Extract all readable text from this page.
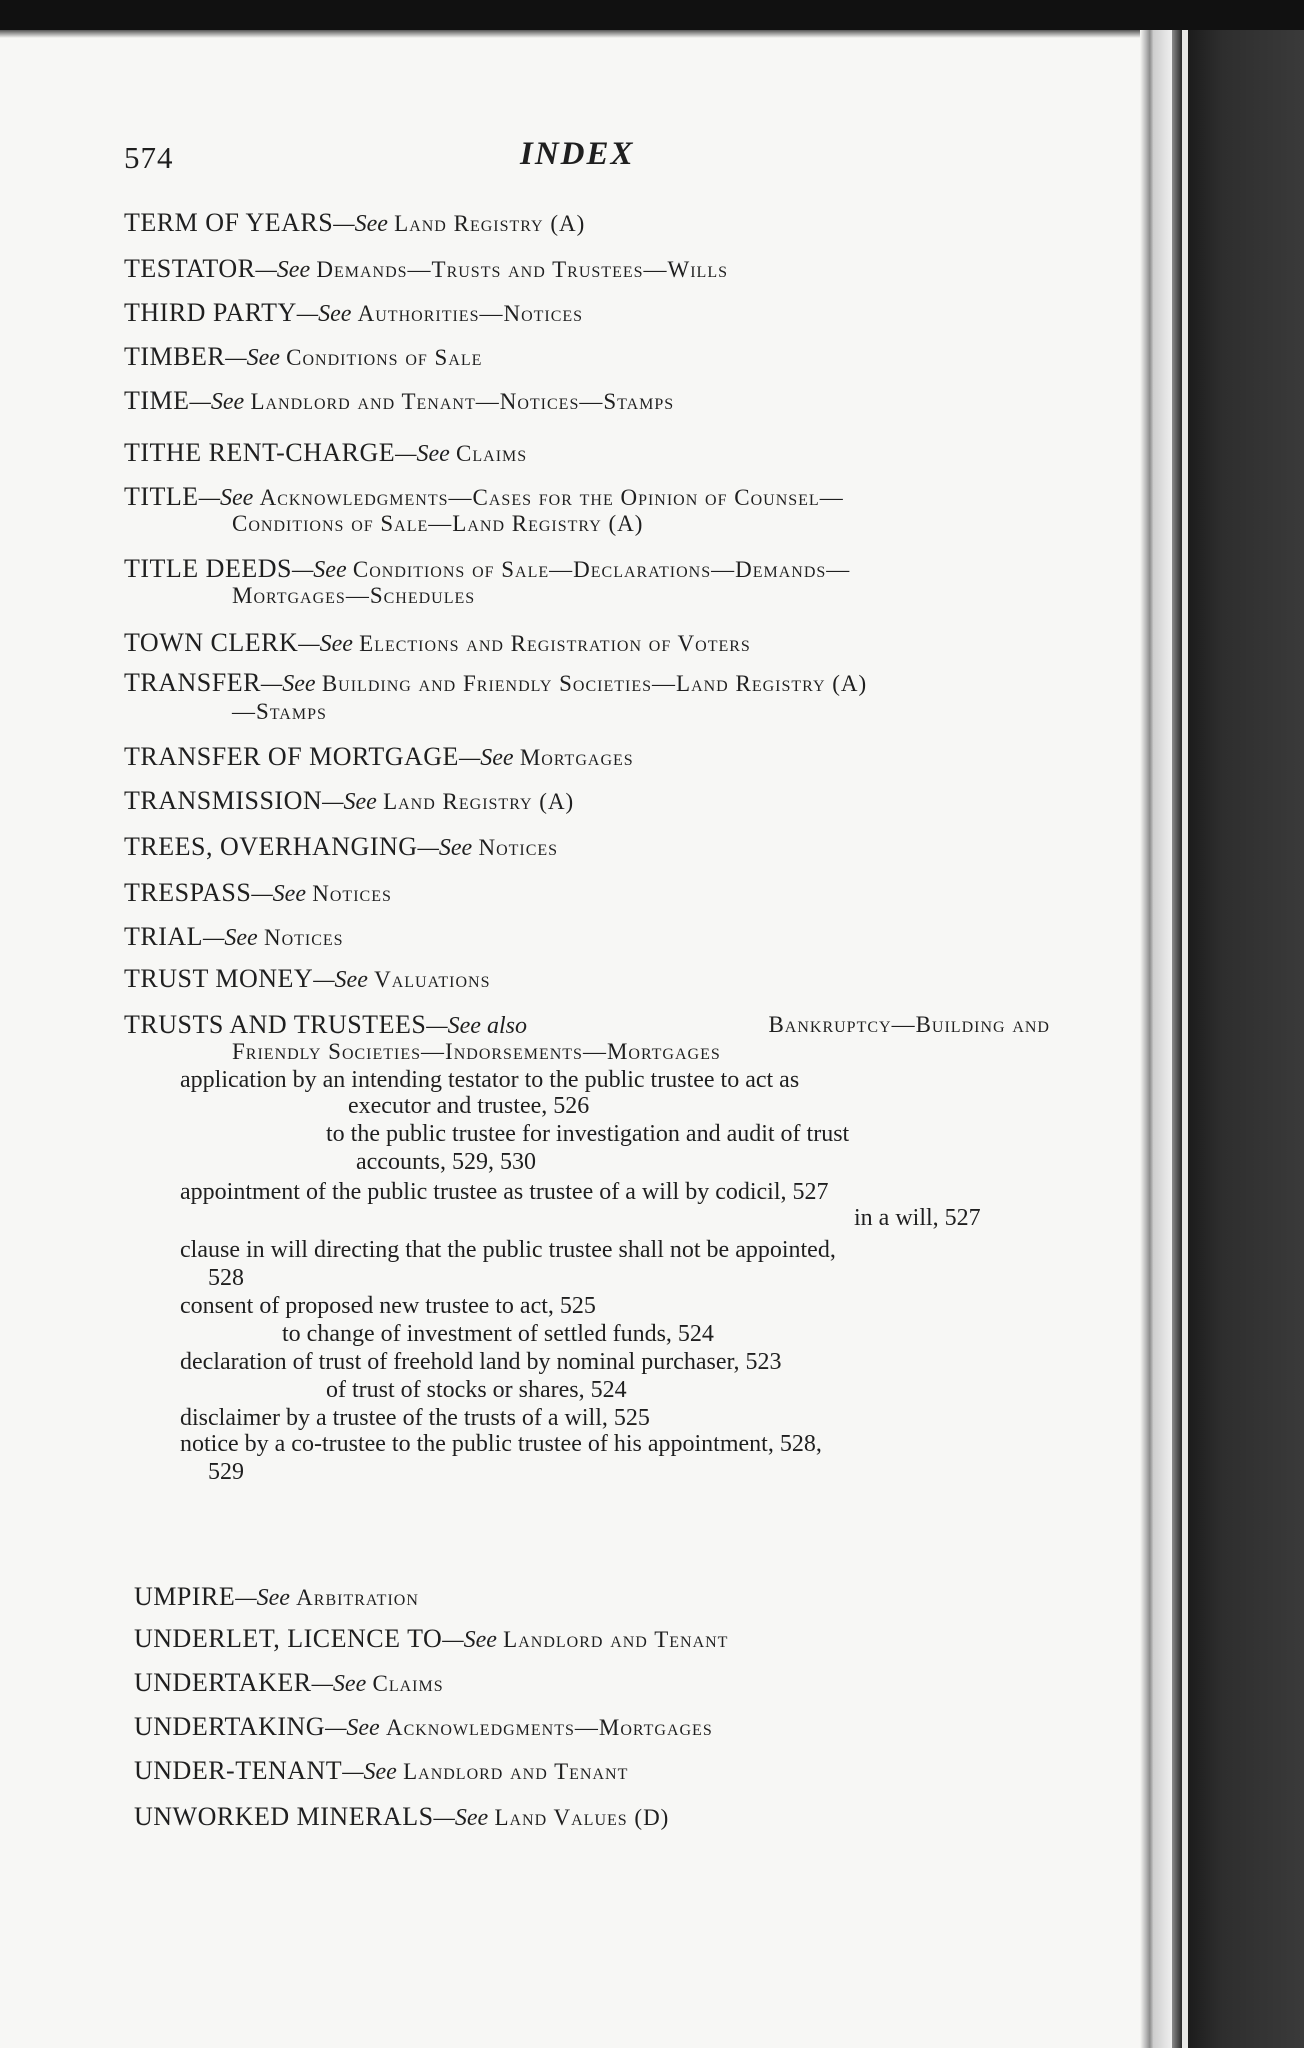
574	INDEX
TERM OF YEARS—See Land Registry (A)
TESTATOR—See Demands—Trusts and Trustees—Wills
THIRD PARTY—See Authorities—Notices
TIMBER—See Conditions of Sale
TIME—See Landlord and Tenant—Notices—Stamps
TITHE RENT-CHARGE—See Claims
TITLE—See Acknowledgments—Cases for the Opinion of Counsel—
Conditions of Sale—Land Registry (A)
TITLE DEEDS—See Conditions of Sale—Declarations—Demands—
Mortgages—Schedules
TOWN CLERK—See Elections and Registration of Voters
TRANSFER—See Building and Friendly Societies—Land Registry (A)
—Stamps
TRANSFER OF MORTGAGE—See Mortgages
TRANSMISSION—See Land Registry (A)
TREES, OVERHANGING—See Notices
TRESPASS—See Notices
TRIAL—See Notices
TRUST MONEY—See Valuations
TRUSTS AND TRUSTEES—See also	Bankruptcy—Building and
Friendly Societies—Indorsements—Mortgages
application by an intending testator to the public trustee to act as
executor and trustee, 526
to the public trustee for investigation and audit of trust
accounts, 529, 530
appointment of the public trustee as trustee of a will by codicil, 527
in a will, 527
clause in will directing that the public trustee shall not be appointed,
528
consent of proposed new trustee to act, 525
to change of investment of settled funds, 524
declaration of trust of freehold land by nominal purchaser, 523
of trust of stocks or shares, 524
disclaimer by a trustee of the trusts of a will, 525
notice by a co-trustee to the public trustee of his appointment, 528,
529
UMPIRE—See Arbitration
UNDERLET, LICENCE TO—See Landlord and Tenant
UNDERTAKER—See Claims
UNDERTAKING—See Acknowledgments—Mortgages
UNDER-TENANT—See Landlord and Tenant
UNWORKED MINERALS—See Land Values (D)
